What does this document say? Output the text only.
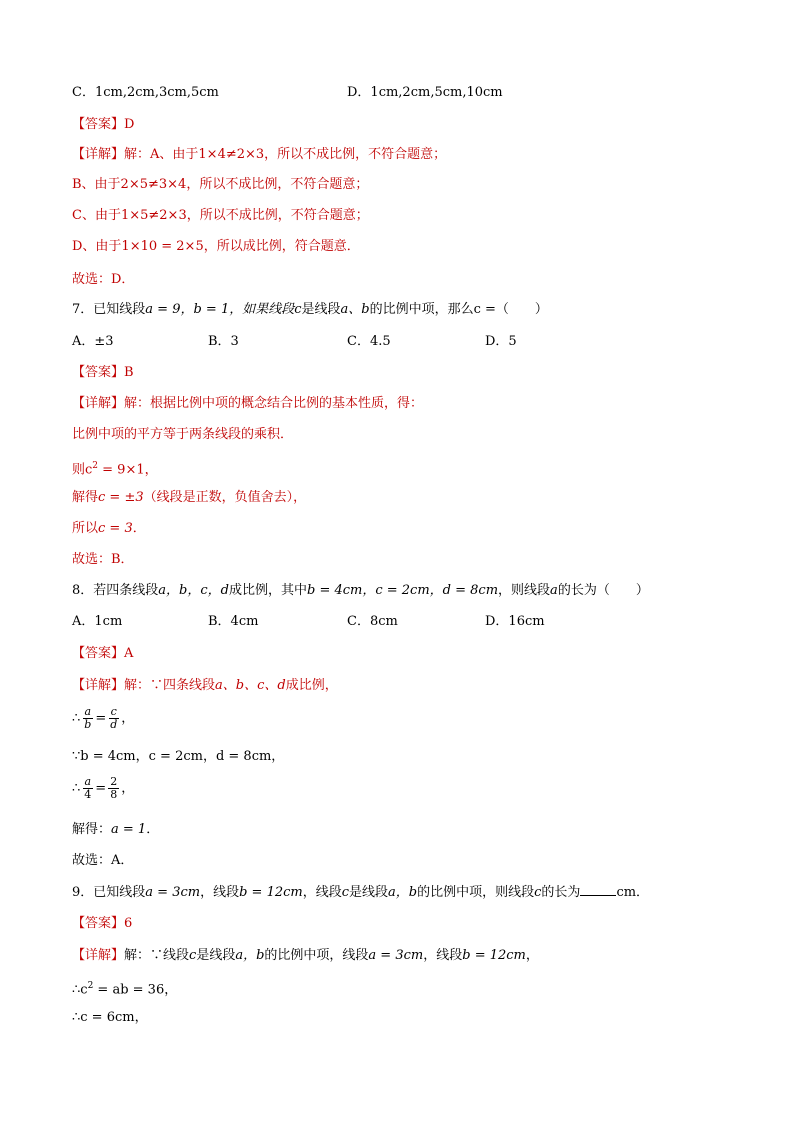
C．1cm,2cm,3cm,5cm	D．1cm,2cm,5cm,10cm
【答案】D
【详解】解：A、由于1×4≠2×3，所以不成比例，不符合题意；
B、由于2×5≠3×4，所以不成比例，不符合题意；
C、由于1×5≠2×3，所以不成比例，不符合题意；
D、由于1×10 = 2×5，所以成比例，符合题意．
故选：D．
7．已知线段a = 9，b = 1，如果线段c是线段a、b的比例中项，那么c =（　　）
A．±3	B．3	C．4.5	D．5
【答案】B
【详解】解：根据比例中项的概念结合比例的基本性质，得：
比例中项的平方等于两条线段的乘积．
则$c^2 = 9\times 1$，
解得c = ±3（线段是正数，负值舍去），
所以c = 3．
故选：B．
8．若四条线段a，b，c，d成比例，其中b = 4cm，c = 2cm，d = 8cm，则线段a的长为（　　）
A．1cm	B．4cm	C．8cm	D．16cm
【答案】A
【详解】解：∵四条线段a、b、c、d成比例，
∴ $\frac{a}{b} = \frac{c}{d}$ ，
∵b = 4cm，c = 2cm，d = 8cm，
∴ $\frac{a}{4} = \frac{2}{8}$ ，
解得：a = 1．
故选：A．
9．已知线段a = 3cm，线段b = 12cm，线段c是线段a，b的比例中项，则线段c的长为	cm．
【答案】6
【详解】解：∵线段c是线段a，b的比例中项，线段a = 3cm，线段b = 12cm，
$\therefore c^2$ = ab = 36，
∴c = 6cm，
